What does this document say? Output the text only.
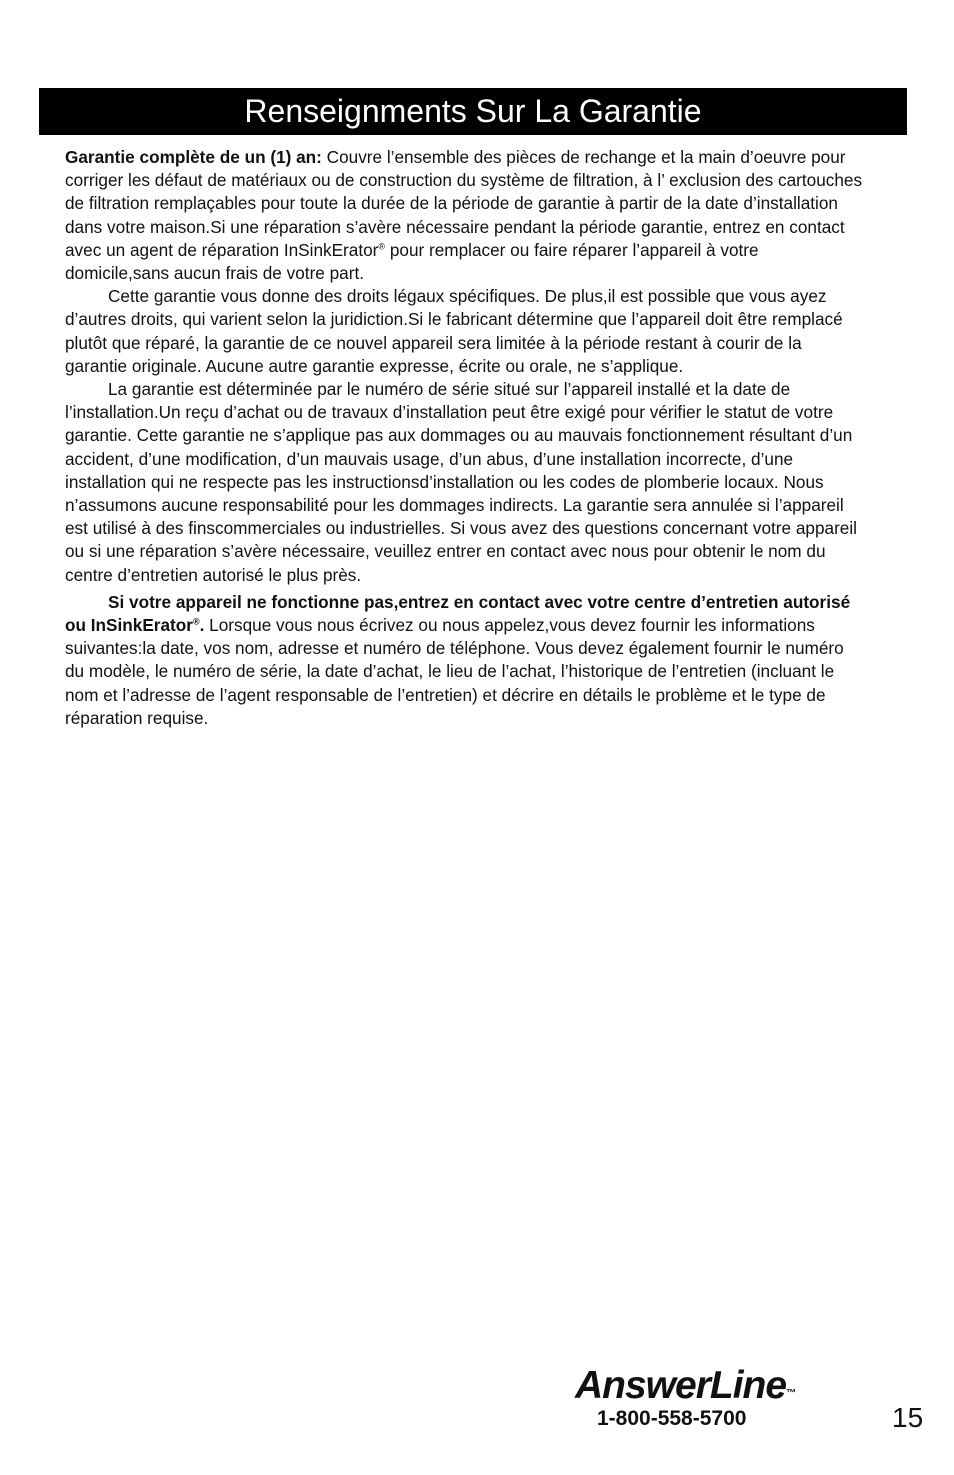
Renseignments Sur La Garantie

Garantie complète de un (1) an: Couvre l’ensemble des pièces de rechange et la main d’oeuvre pour corriger les défaut de matériaux ou de construction du système de filtration, à l’ exclusion des cartouches de filtration remplaçables pour toute la durée de la période de garantie à partir de la date d’installation dans votre maison.Si une réparation s’avère nécessaire pendant la période garantie, entrez en contact avec un agent de réparation InSinkErator® pour remplacer ou faire réparer l’appareil à votre domicile,sans aucun frais de votre part.

Cette garantie vous donne des droits légaux spécifiques. De plus,il est possible que vous ayez d’autres droits, qui varient selon la juridiction.Si le fabricant détermine que l’appareil doit être remplacé plutôt que réparé, la garantie de ce nouvel appareil sera limitée à la période restant à courir de la garantie originale. Aucune autre garantie expresse, écrite ou orale, ne s’applique.

La garantie est déterminée par le numéro de série situé sur l’appareil installé et la date de l’installation.Un reçu d’achat ou de travaux d’installation peut être exigé pour vérifier le statut de votre garantie. Cette garantie ne s’applique pas aux dommages ou au mauvais fonctionnement résultant d’un accident, d’une modification, d’un mauvais usage, d’un abus, d’une installation incorrecte, d’une installation qui ne respecte pas les instructionsd’installation ou les codes de plomberie locaux. Nous n’assumons aucune responsabilité pour les dommages indirects. La garantie sera annulée si l’appareil est utilisé à des finscommerciales ou industrielles. Si vous avez des questions concernant votre appareil ou si une réparation s’avère nécessaire, veuillez entrer en contact avec nous pour obtenir le nom du centre d’entretien autorisé le plus près.

Si votre appareil ne fonctionne pas,entrez en contact avec votre centre d’entretien autorisé ou InSinkErator®. Lorsque vous nous écrivez ou nous appelez,vous devez fournir les informations suivantes:la date, vos nom, adresse et numéro de téléphone. Vous devez également fournir le numéro du modèle, le numéro de série, la date d’achat, le lieu de l’achat, l’historique de l’entretien (incluant le nom et l’adresse de l’agent responsable de l’entretien) et décrire en détails le problème et le type de réparation requise.

AnswerLine™
1-800-558-5700	15
